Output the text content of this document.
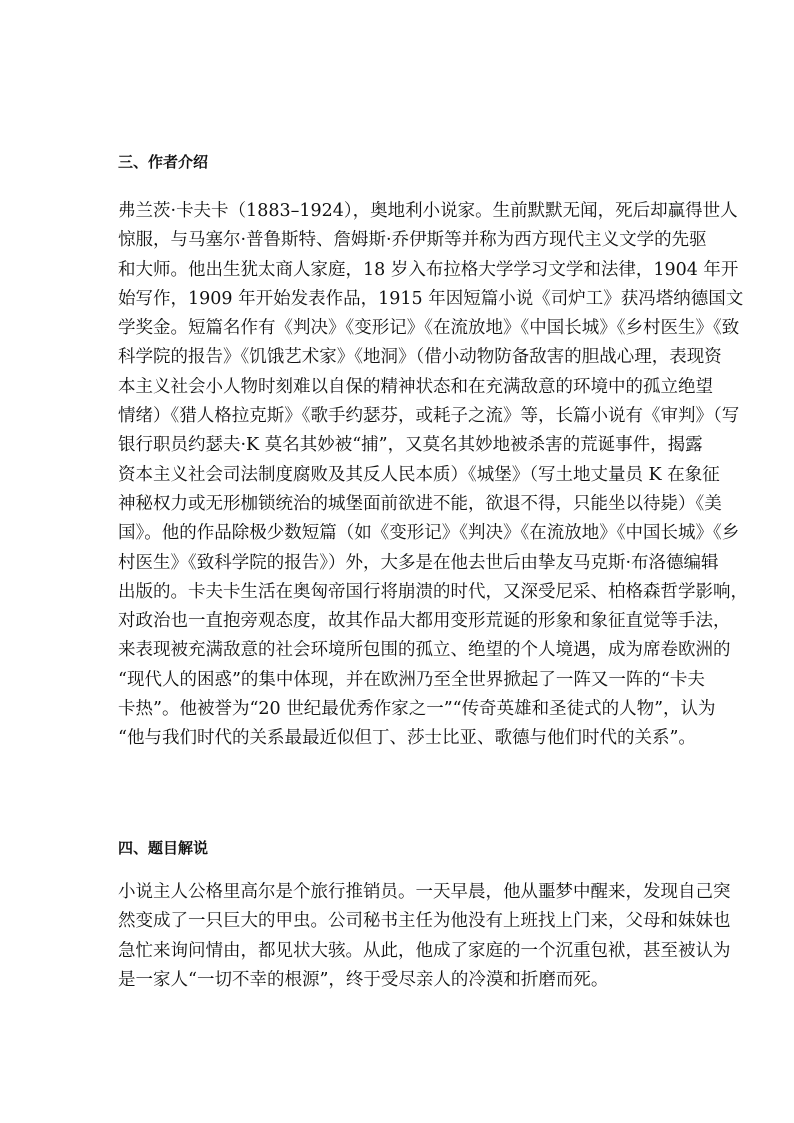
三、作者介绍
弗兰茨·卡夫卡（1883–1924），奥地利小说家。生前默默无闻，死后却赢得世人
惊服，与马塞尔·普鲁斯特、詹姆斯·乔伊斯等并称为西方现代主义文学的先驱
和大师。他出生犹太商人家庭，18 岁入布拉格大学学习文学和法律，1904 年开
始写作，1909 年开始发表作品，1915 年因短篇小说《司炉工》获冯塔纳德国文
学奖金。短篇名作有《判决》《变形记》《在流放地》《中国长城》《乡村医生》《致
科学院的报告》《饥饿艺术家》《地洞》（借小动物防备敌害的胆战心理，表现资
本主义社会小人物时刻难以自保的精神状态和在充满敌意的环境中的孤立绝望
情绪）《猎人格拉克斯》《歌手约瑟芬，或耗子之流》等，长篇小说有《审判》（写
银行职员约瑟夫·K 莫名其妙被“捕”，又莫名其妙地被杀害的荒诞事件，揭露
资本主义社会司法制度腐败及其反人民本质）《城堡》（写土地丈量员 K 在象征
神秘权力或无形枷锁统治的城堡面前欲进不能，欲退不得，只能坐以待毙）《美
国》。他的作品除极少数短篇（如《变形记》《判决》《在流放地》《中国长城》《乡
村医生》《致科学院的报告》）外，大多是在他去世后由挚友马克斯·布洛德编辑
出版的。卡夫卡生活在奥匈帝国行将崩溃的时代，又深受尼采、柏格森哲学影响，
对政治也一直抱旁观态度，故其作品大都用变形荒诞的形象和象征直觉等手法，
来表现被充满敌意的社会环境所包围的孤立、绝望的个人境遇，成为席卷欧洲的
“现代人的困惑”的集中体现，并在欧洲乃至全世界掀起了一阵又一阵的“卡夫
卡热”。他被誉为“20 世纪最优秀作家之一”“传奇英雄和圣徒式的人物”，认为
“他与我们时代的关系最最近似但丁、莎士比亚、歌德与他们时代的关系”。
四、题目解说
小说主人公格里高尔是个旅行推销员。一天早晨，他从噩梦中醒来，发现自己突
然变成了一只巨大的甲虫。公司秘书主任为他没有上班找上门来，父母和妹妹也
急忙来询问情由，都见状大骇。从此，他成了家庭的一个沉重包袱，甚至被认为
是一家人“一切不幸的根源”，终于受尽亲人的冷漠和折磨而死。
